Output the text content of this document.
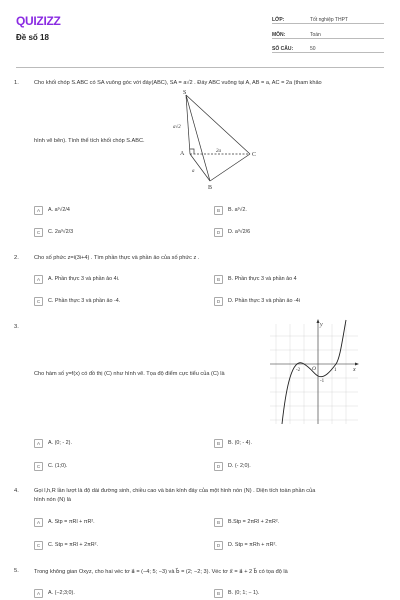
QUIZIZZ
Đề số 18
LỚP:	Tốt nghiệp THPT
MÔN:	Toán
SỐ CÂU:	50
1.	Cho khối chóp S.ABC có SA vuông góc với đáy(ABC), SA = a√2 . Đáy ABC vuông tại A, AB = a, AC = 2a (tham khảo
S
A
B
C
a√2
2a
a
hình vẽ bên). Tính thể tích khối chóp S.ABC.
A	A. a³√2/4	B	B. a³√2.
C	C. 2a³√2/3	D	D. a³√2/6
2.	Cho số phức z=i(3i+4) . Tìm phần thực và phần ảo của số phức z .
A	A. Phần thực 3 và phần ảo 4i.	B	B. Phần thực 3 và phần ảo 4
C	C. Phần thực 3 và phần ảo -4.	D	D. Phần thực 3 và phần ảo -4i
3.	y
x
O	1
-2
-1
Cho hàm số y=f(x) có đồ thị (C) như hình vẽ. Tọa độ điểm cực tiểu của (C) là
A	A. (0; - 2).	B	B. (0; - 4).
C	C. (1;0).	D	D. (- 2;0).
4.	Gọi l,h,R lần lượt là độ dài đường sinh, chiều cao và bán kính đáy của một hình nón (N) . Diện tích toàn phần của
hình nón (N) là
A	A. Stp = πRl + πR².	B	B.Stp = 2πRl + 2πR².
C	C. Stp = πRl + 2πR².	D	D. Stp = πRh + πR².
5.	Trong không gian Oxyz, cho hai véc tơ a⃗ = (−4; 5; −3) và b⃗ = (2; −2; 3). Véc tơ x⃗ = a⃗ + 2 b⃗ có tọa độ là
A	A. (−2;3;0).	B	B. (0; 1; − 1).
